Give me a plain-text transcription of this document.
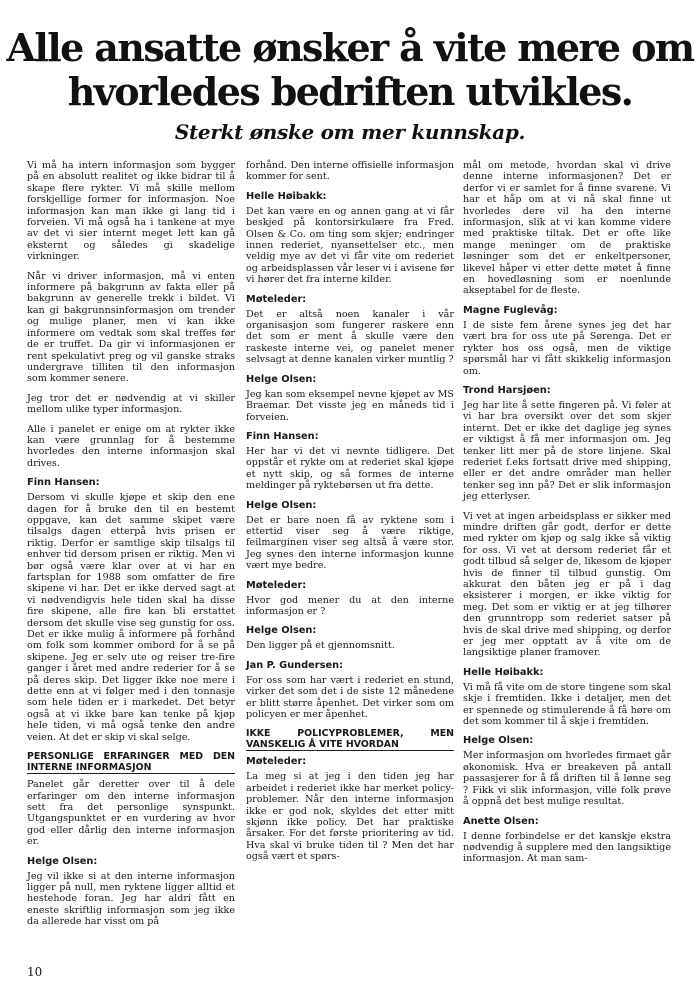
Alle ansatte ønsker å vite mere om hvorledes bedriften utvikles.
Sterkt ønske om mer kunnskap.

Vi må ha intern informasjon som bygger på en absolutt realitet og ikke bidrar til å skape flere rykter. Vi må skille mellom forskjellige former for informasjon. Noe informasjon kan man ikke gi lang tid i forveien. Vi må også ha i tankene at mye av det vi sier internt meget lett kan gå eksternt og således gi skadelige virkninger.

Når vi driver informasjon, må vi enten informere på bakgrunn av fakta eller på bakgrunn av generelle trekk i bildet. Vi kan gi bakgrunnsinformasjon om trender og mulige planer, men vi kan ikke informere om vedtak som skal treffes før de er truffet. Da gir vi informasjonen er rent spekulativt preg og vil ganske straks undergrave tilliten til den informasjon som kommer senere.

Jeg tror det er nødvendig at vi skiller mellom ulike typer informasjon.

Alle i panelet er enige om at rykter ikke kan være grunnlag for å bestemme hvorledes den interne informasjon skal drives.

Finn Hansen:

Dersom vi skulle kjøpe et skip den ene dagen for å bruke den til en bestemt oppgave, kan det samme skipet være tilsalgs dagen etterpå hvis prisen er riktig. Derfor er samtlige skip tilsalgs til enhver tid dersom prisen er riktig. Men vi bør også være klar over at vi har en fartsplan for 1988 som omfatter de fire skipene vi har. Det er ikke derved sagt at vi nødvendigvis hele tiden skal ha disse fire skipene, alle fire kan bli erstattet dersom det skulle vise seg gunstig for oss. Det er ikke mulig å informere på forhånd om folk som kommer ombord for å se på skipene. Jeg er selv ute og reiser tre-fire ganger i året med andre rederier for å se på deres skip. Det ligger ikke noe mere i dette enn at vi følger med i den tonnasje som hele tiden er i markedet. Det betyr også at vi ikke bare kan tenke på kjøp hele tiden, vi må også tenke den andre veien. At det er skip vi skal selge.

PERSONLIGE ERFARINGER MED DEN INTERNE INFORMASJON

Panelet går deretter over til å dele erfaringer om den interne informasjon sett fra det personlige synspunkt. Utgangspunktet er en vurdering av hvor god eller dårlig den interne informasjon er.

Helge Olsen:

Jeg vil ikke si at den interne informasjon ligger på null, men ryktene ligger alltid et hestehode foran. Jeg har aldri fått en eneste skriftlig informasjon som jeg ikke da allerede har visst om på

forhånd. Den interne offisielle informasjon kommer for sent.

Helle Høibakk:

Det kan være en og annen gang at vi får beskjed på kontorsirkulære fra Fred. Olsen & Co. om ting som skjer; endringer innen rederiet, nyansettelser etc., men veldig mye av det vi får vite om rederiet og arbeidsplassen vår leser vi i avisene før vi hører det fra interne kilder.

Møteleder:

Det er altså noen kanaler i vår organisasjon som fungerer raskere enn det som er ment å skulle være den raskeste interne vei, og panelet mener selvsagt at denne kanalen virker muntlig ?

Helge Olsen:

Jeg kan som eksempel nevne kjøpet av MS Braemar. Det visste jeg en måneds tid i forveien.

Finn Hansen:

Her har vi det vi nevnte tidligere. Det oppstår et rykte om at rederiet skal kjøpe et nytt skip, og så formes de interne meldinger på ryktebørsen ut fra dette.

Helge Olsen:

Det er bare noen få av ryktene som i ettertid viser seg å være riktige, feilmarginen viser seg altså å være stor. Jeg synes den interne informasjon kunne vært mye bedre.

Møteleder:

Hvor god mener du at den interne informasjon er ?

Helge Olsen:

Den ligger på et gjennomsnitt.

Jan P. Gundersen:

For oss som har vært i rederiet en stund, virker det som det i de siste 12 månedene er blitt større åpenhet. Det virker som om policyen er mer åpenhet.

IKKE POLICYPROBLEMER, MEN VANSKELIG Å VITE HVORDAN

Møteleder:

La meg si at jeg i den tiden jeg har arbeidet i rederiet ikke har merket policy-problemer. Når den interne informasjon ikke er god nok, skyldes det etter mitt skjønn ikke policy. Det har praktiske årsaker. For det første prioritering av tid. Hva skal vi bruke tiden til ? Men det har også vært et spørs-

mål om metode, hvordan skal vi drive denne interne informasjonen? Det er derfor vi er samlet for å finne svarene. Vi har et håp om at vi nå skal finne ut hvorledes dere vil ha den interne informasjon, slik at vi kan komme videre med praktiske tiltak. Det er ofte like mange meninger om de praktiske løsninger som det er enkeltpersoner, likevel håper vi etter dette møtet å finne en hovedløsning som er noenlunde akseptabel for de fleste.

Magne Fuglevåg:

I de siste fem årene synes jeg det har vært bra for oss ute på Sørenga. Det er rykter hos oss også, men de viktige spørsmål har vi fått skikkelig informasjon om.

Trond Harsjøen:

Jeg har lite å sette fingeren på. Vi føler at vi har bra oversikt over det som skjer internt. Det er ikke det daglige jeg synes er viktigst å få mer informasjon om. Jeg tenker litt mer på de store linjene. Skal rederiet f.eks fortsatt drive med shipping, eller er det andre områder man heller tenker seg inn på? Det er slik informasjon jeg etterlyser.

Vi vet at ingen arbeidsplass er sikker med mindre driften går godt, derfor er dette med rykter om kjøp og salg ikke så viktig for oss. Vi vet at dersom rederiet får et godt tilbud så selger de, likesom de kjøper hvis de finner til tilbud gunstig. Om akkurat den båten jeg er på i dag eksisterer i morgen, er ikke viktig for meg. Det som er viktig er at jeg tilhører den grunntropp som rederiet satser på hvis de skal drive med shipping, og derfor er jeg mer opptatt av å vite om de langsiktige planer framover.

Helle Høibakk:

Vi må få vite om de store tingene som skal skje i fremtiden. Ikke i detaljer, men det er spennede og stimulerende å få høre om det som kommer til å skje i fremtiden.

Helge Olsen:

Mer informasjon om hvorledes firmaet går økonomisk. Hva er breakeven på antall passasjerer for å få driften til å lønne seg ? Fikk vi slik informasjon, ville folk prøve å oppnå det best mulige resultat.

Anette Olsen:

I denne forbindelse er det kanskje ekstra nødvendig å supplere med den langsiktige informasjon. At man sam-

10
